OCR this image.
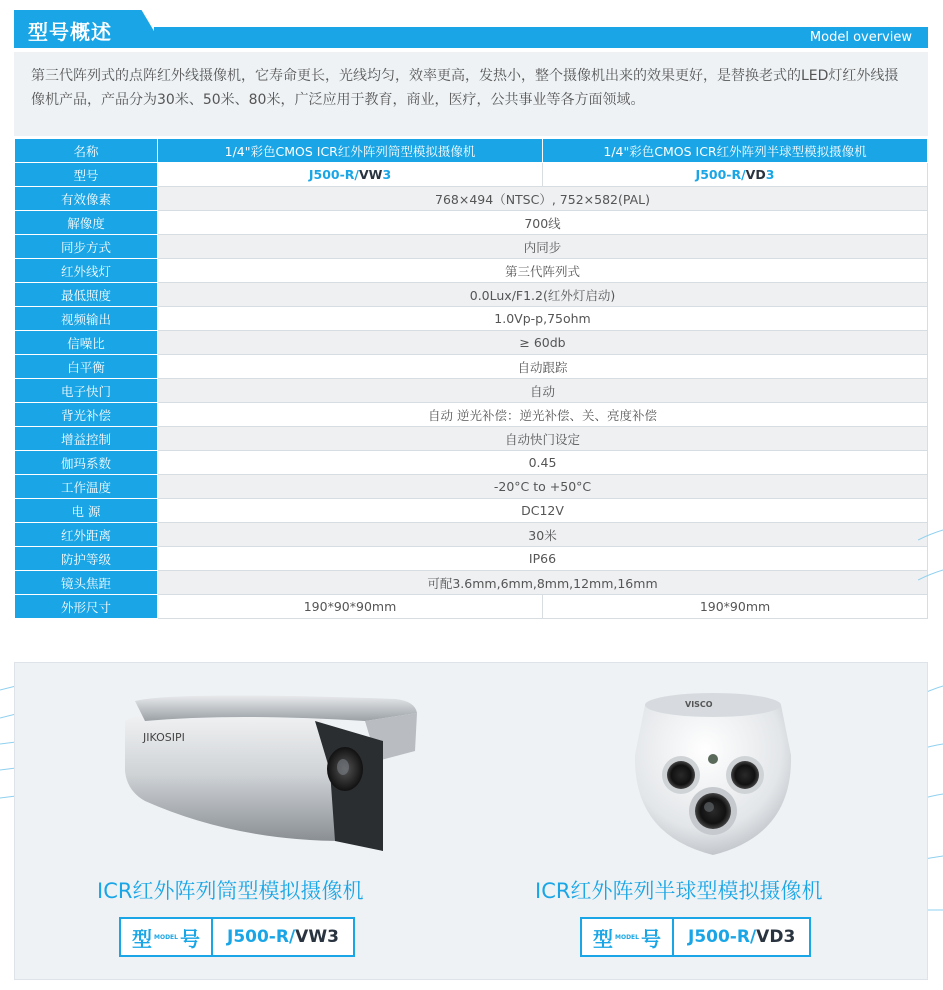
型号概述	Model overview
第三代阵列式的点阵红外线摄像机，它寿命更长，光线均匀，效率更高，发热小，整个摄像机出来的效果更好，是替换老式的LED灯红外线摄像机产品，产品分为30米、50米、80米，广泛应用于教育，商业，医疗，公共事业等各方面领域。
名称	1/4"彩色CMOS ICR红外阵列筒型模拟摄像机	1/4"彩色CMOS ICR红外阵列半球型模拟摄像机
型号	J500-R/VW3	J500-R/VD3
有效像素	768×494（NTSC）, 752×582(PAL)	
解像度	700线	
同步方式	内同步	
红外线灯	第三代阵列式	
最低照度	0.0Lux/F1.2(红外灯启动)	
视频输出	1.0Vp-p,75ohm	
信噪比	≥ 60db	
白平衡	自动跟踪	
电子快门	自动	
背光补偿	自动 逆光补偿：逆光补偿、关、亮度补偿	
增益控制	自动快门设定	
伽玛系数	0.45	
工作温度	-20°C to +50°C	
电 源	DC12V	
红外距离	30米	
防护等级	IP66	
镜头焦距	可配3.6mm,6mm,8mm,12mm,16mm	
外形尺寸	190*90*90mm	190*90mm
JIKOSIPI
VISCO
ICR红外阵列筒型模拟摄像机	ICR红外阵列半球型模拟摄像机
型 MODEL 号 J500-R/ VW3	型 MODEL 号 J500-R/ VD3
